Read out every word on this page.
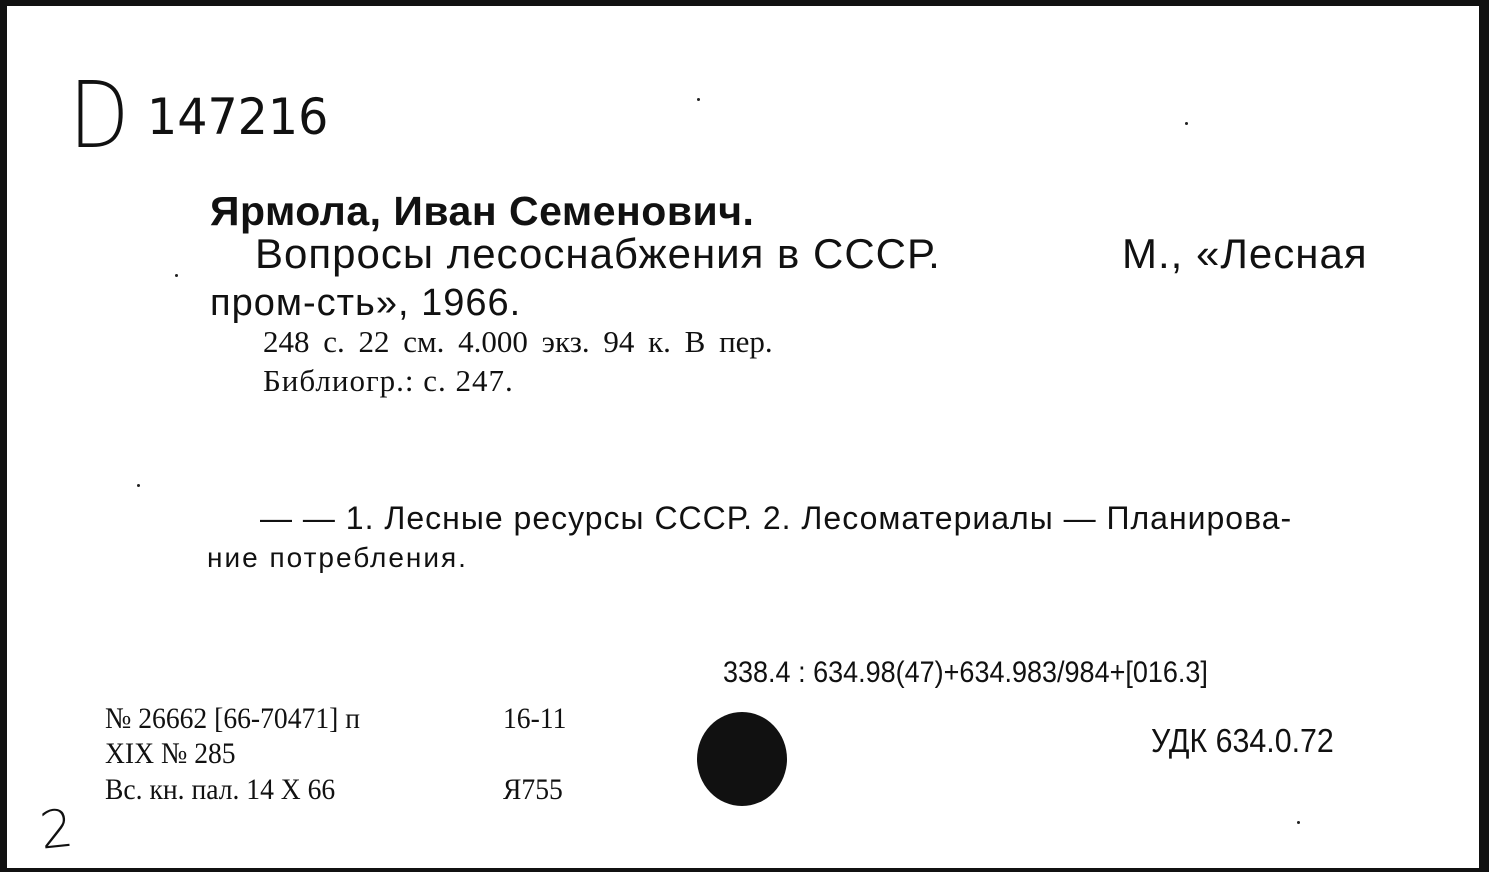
D 147216
Ярмола, Иван Семенович.
Вопросы лесоснабжения в СССР.	М., «Лесная
пром-сть», 1966.
248 с. 22 см. 4.000 экз. 94 к. В пер.
Библиогр.: с. 247.
— — 1. Лесные ресурсы СССР. 2. Лесоматериалы — Планирова-
ние потребления.
338.4 : 634.98(47)+634.983/984+[016.3]
УДК 634.0.72
№ 26662 [66-70471] п	16-11
XIX № 285
Вс. кн. пал. 14 X 66	Я755
2
